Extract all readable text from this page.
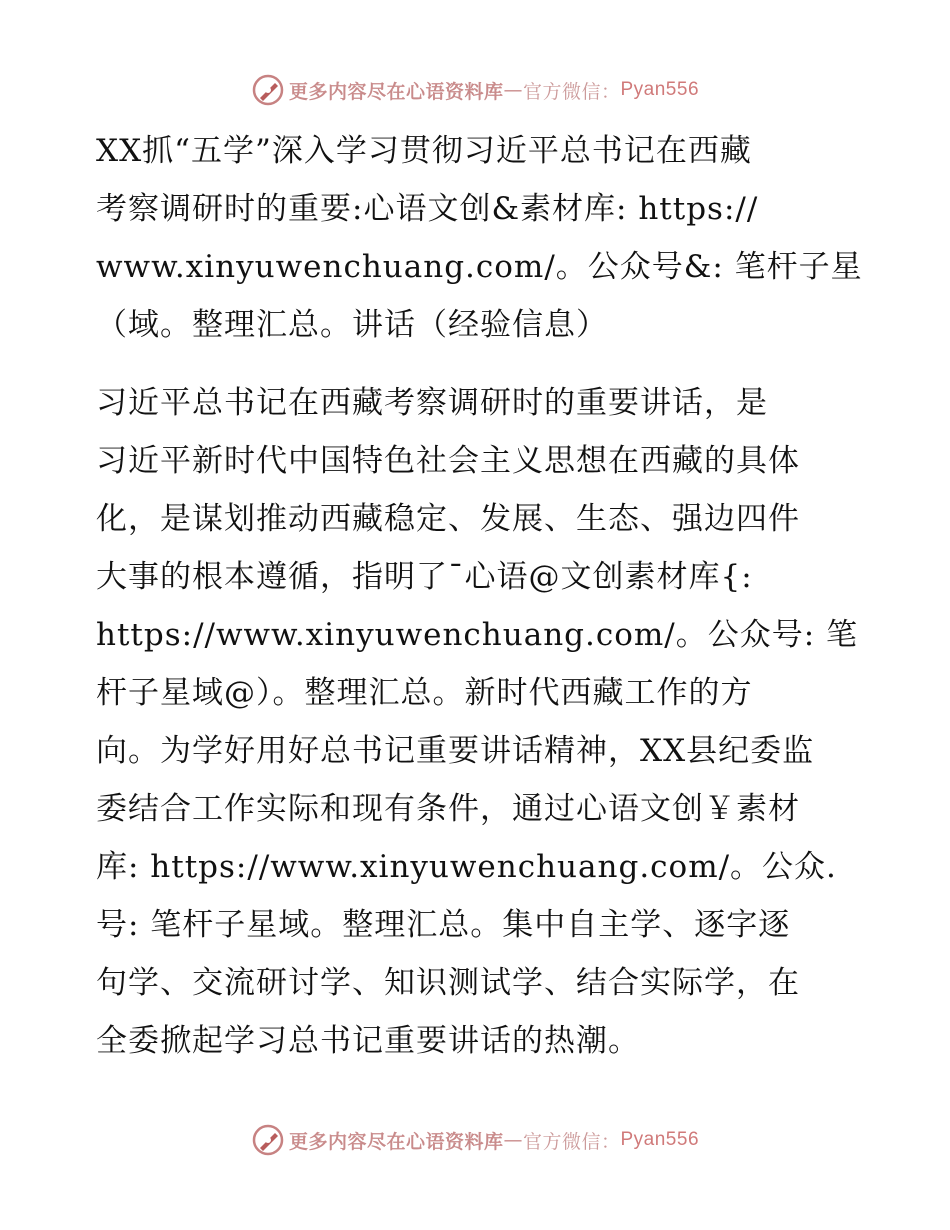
更多内容尽在心语资料库 — 官方微信： Pyan556
XX抓“五学”深入学习贯彻习近平总书记在西藏
考察调研时的重要:心语文创&素材库: https://
www.xinyuwenchuang.com/。公众号&: 笔杆子星
（域。整理汇总。讲话（经验信息）
习近平总书记在西藏考察调研时的重要讲话，是
习近平新时代中国特色社会主义思想在西藏的具体
化，是谋划推动西藏稳定、发展、生态、强边四件
大事的根本遵循，指明了¯心语@文创素材库{:
https://www.xinyuwenchuang.com/。公众号: 笔
杆子星域@）。整理汇总。新时代西藏工作的方
向。为学好用好总书记重要讲话精神，XX县纪委监
委结合工作实际和现有条件，通过心语文创￥素材
库: https://www.xinyuwenchuang.com/。公众.
号: 笔杆子星域。整理汇总。集中自主学、逐字逐
句学、交流研讨学、知识测试学、结合实际学，在
全委掀起学习总书记重要讲话的热潮。
更多内容尽在心语资料库 — 官方微信： Pyan556
